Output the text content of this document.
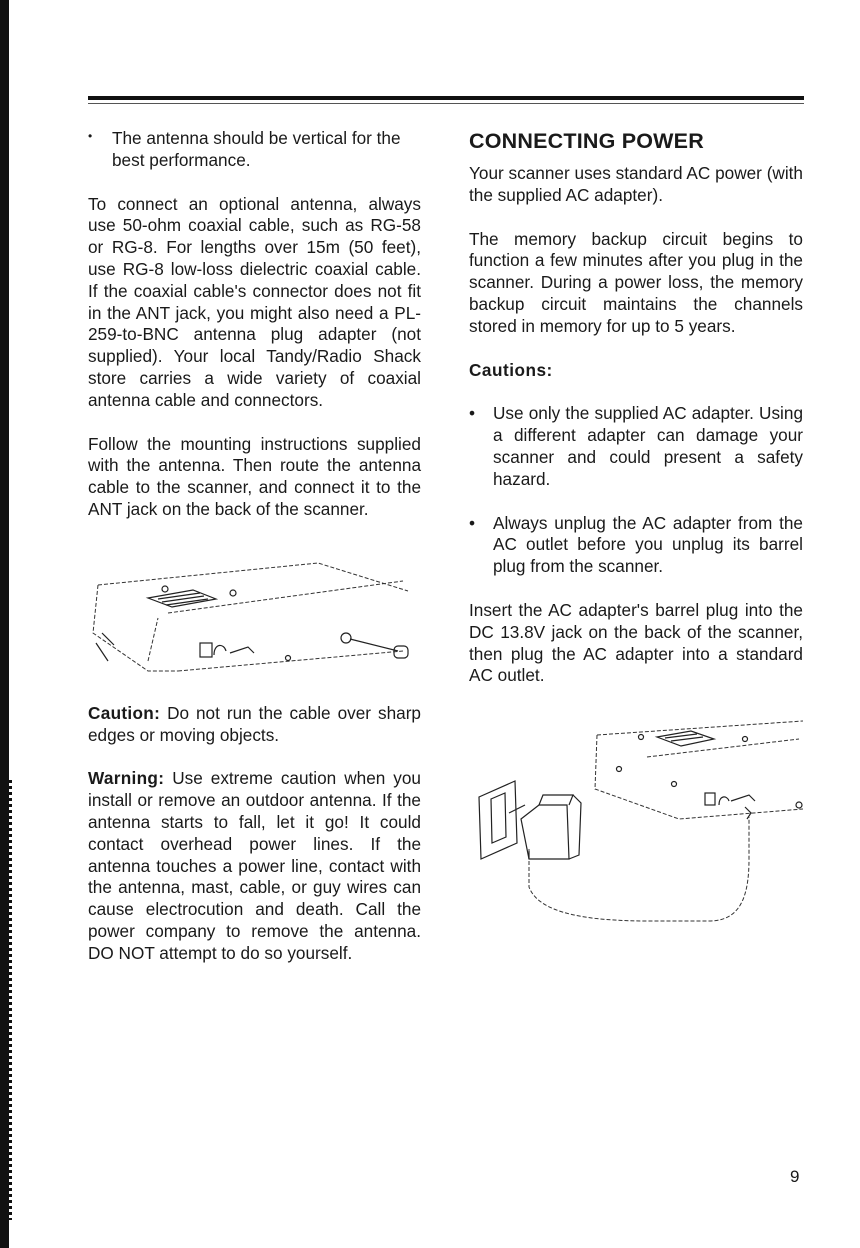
• The antenna should be vertical for the best performance.

To connect an optional antenna, always use 50-ohm coaxial cable, such as RG-58 or RG-8. For lengths over 15m (50 feet), use RG-8 low-loss dielectric coaxial cable. If the coaxial cable's connector does not fit in the ANT jack, you might also need a PL-259-to-BNC antenna plug adapter (not supplied). Your local Tandy/Radio Shack store carries a wide variety of coaxial antenna cable and connectors.

Follow the mounting instructions supplied with the antenna. Then route the antenna cable to the scanner, and connect it to the ANT jack on the back of the scanner.

Caution: Do not run the cable over sharp edges or moving objects.

Warning: Use extreme caution when you install or remove an outdoor antenna. If the antenna starts to fall, let it go! It could contact overhead power lines. If the antenna touches a power line, contact with the antenna, mast, cable, or guy wires can cause electrocution and death. Call the power company to remove the antenna. DO NOT attempt to do so yourself.

CONNECTING POWER

Your scanner uses standard AC power (with the supplied AC adapter).

The memory backup circuit begins to function a few minutes after you plug in the scanner. During a power loss, the memory backup circuit maintains the channels stored in memory for up to 5 years.

Cautions:
• Use only the supplied AC adapter. Using a different adapter can damage your scanner and could present a safety hazard.
• Always unplug the AC adapter from the AC outlet before you unplug its barrel plug from the scanner.

Insert the AC adapter's barrel plug into the DC 13.8V jack on the back of the scanner, then plug the AC adapter into a standard AC outlet.

9
